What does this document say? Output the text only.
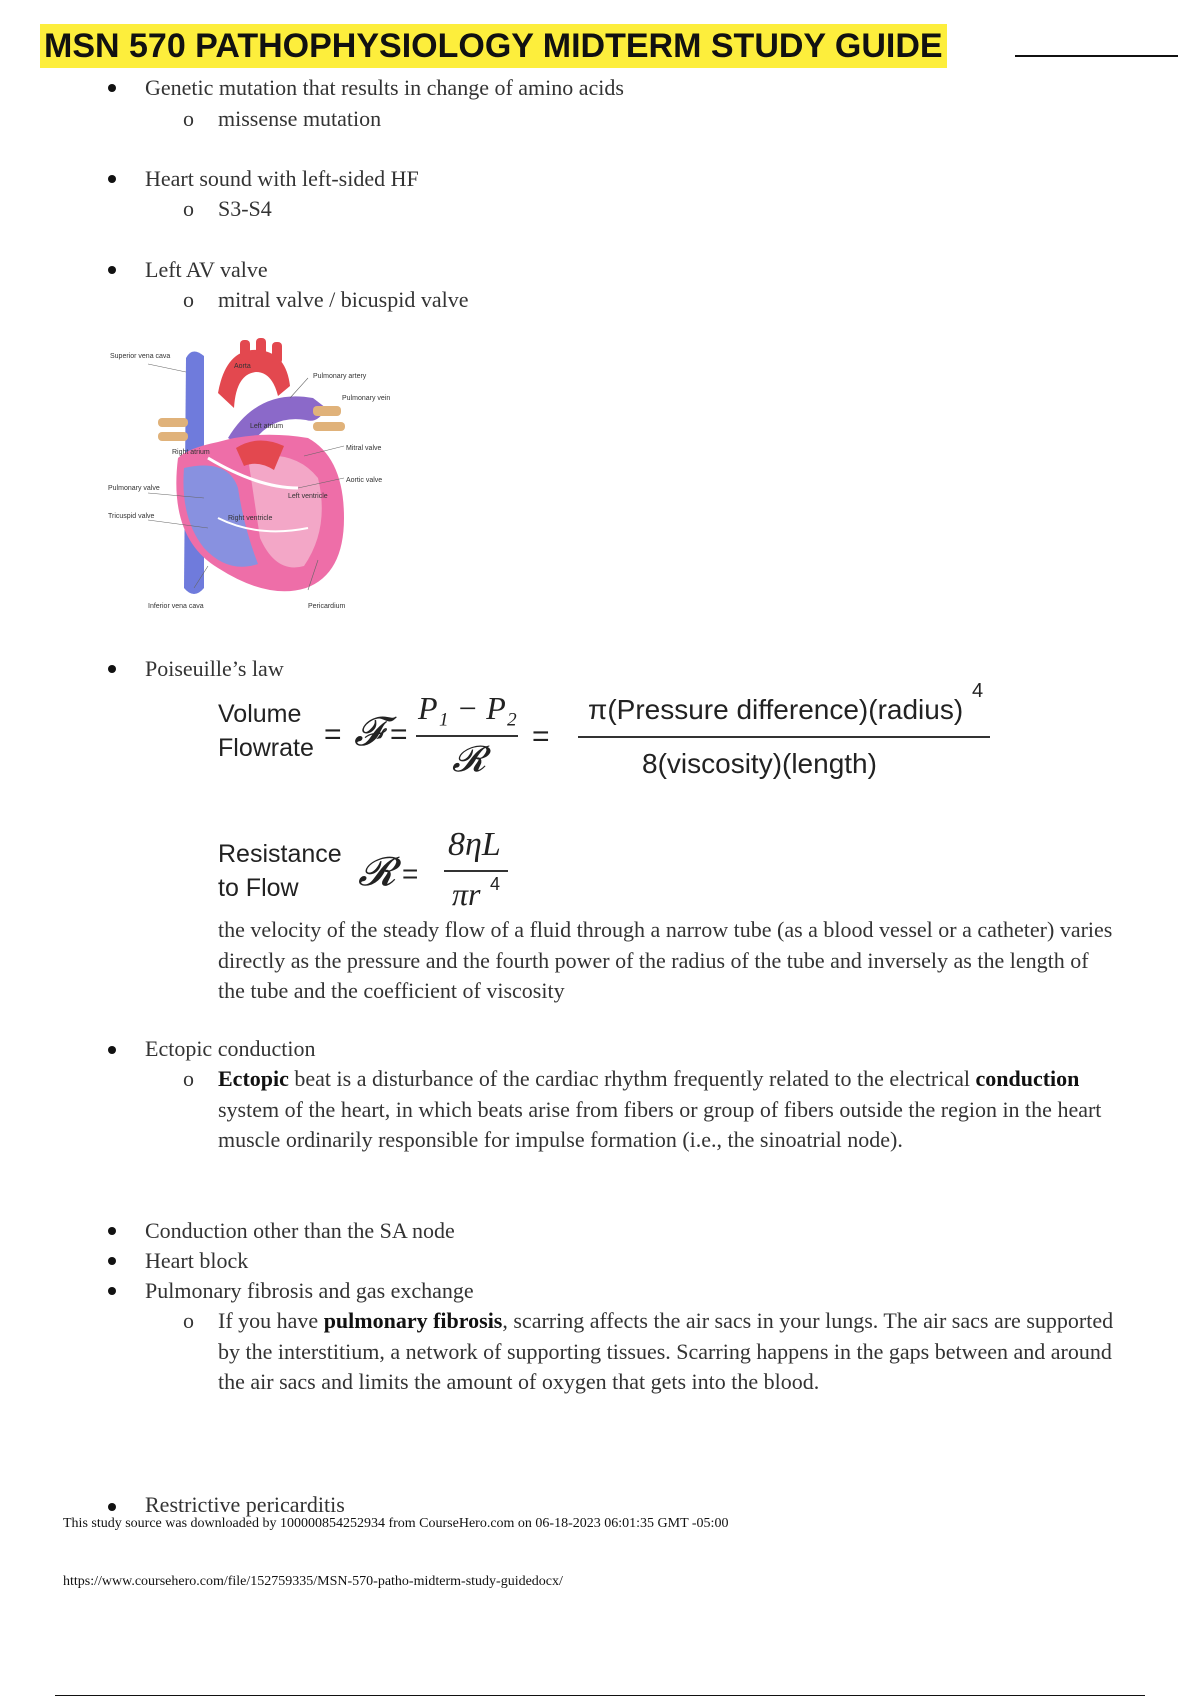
MSN 570 PATHOPHYSIOLOGY MIDTERM STUDY GUIDE
Genetic mutation that results in change of amino acids
o missense mutation
Heart sound with left-sided HF
o S3-S4
Left AV valve
o mitral valve / bicuspid valve
Superior vena cava
Aorta
Pulmonary artery
Pulmonary vein
Left atrium
Right atrium
Mitral valve
Aortic valve
Pulmonary valve
Tricuspid valve
Left ventricle
Right ventricle
Inferior vena cava	Pericardium
Poiseuille’s law
Volume
Flowrate = 𝓕 =
P₁ − P₂
𝓡
=
π(Pressure difference)(radius)
4
8(viscosity)(length)
Resistance
to Flow 𝓡 =
8ηL
πr 4
the velocity of the steady flow of a fluid through a narrow tube (as a blood vessel or a catheter) varies directly as the pressure and the fourth power of the radius of the tube and inversely as the length of the tube and the coefficient of viscosity
Ectopic conduction
o Ectopic beat is a disturbance of the cardiac rhythm frequently related to the electrical conduction system of the heart, in which beats arise from fibers or group of fibers outside the region in the heart muscle ordinarily responsible for impulse formation (i.e., the sinoatrial node).
Conduction other than the SA node
Heart block
Pulmonary fibrosis and gas exchange
o If you have pulmonary fibrosis, scarring affects the air sacs in your lungs. The air sacs are supported by the interstitium, a network of supporting tissues. Scarring happens in the gaps between and around the air sacs and limits the amount of oxygen that gets into the blood.
Restrictive pericarditis
This study source was downloaded by 100000854252934 from CourseHero.com on 06-18-2023 06:01:35 GMT -05:00
https://www.coursehero.com/file/152759335/MSN-570-patho-midterm-study-guidedocx/
